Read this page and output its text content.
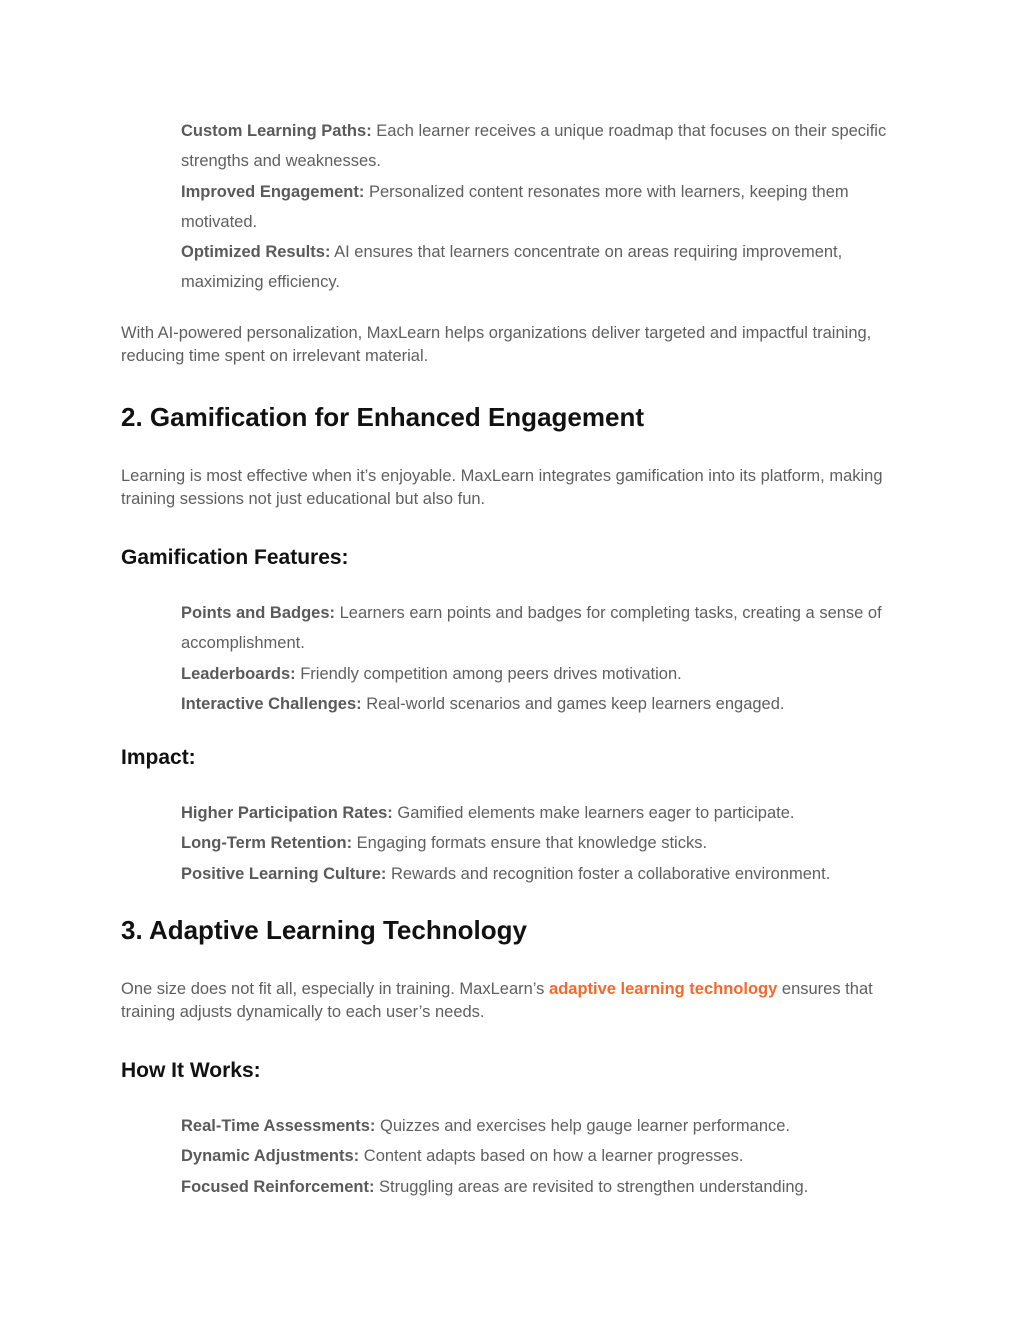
Custom Learning Paths: Each learner receives a unique roadmap that focuses on their specific strengths and weaknesses.
Improved Engagement: Personalized content resonates more with learners, keeping them motivated.
Optimized Results: AI ensures that learners concentrate on areas requiring improvement, maximizing efficiency.

With AI-powered personalization, MaxLearn helps organizations deliver targeted and impactful training, reducing time spent on irrelevant material.

2. Gamification for Enhanced Engagement

Learning is most effective when it’s enjoyable. MaxLearn integrates gamification into its platform, making training sessions not just educational but also fun.

Gamification Features:
Points and Badges: Learners earn points and badges for completing tasks, creating a sense of accomplishment.
Leaderboards: Friendly competition among peers drives motivation.
Interactive Challenges: Real-world scenarios and games keep learners engaged.
Impact:
Higher Participation Rates: Gamified elements make learners eager to participate.
Long-Term Retention: Engaging formats ensure that knowledge sticks.
Positive Learning Culture: Rewards and recognition foster a collaborative environment.
3. Adaptive Learning Technology

One size does not fit all, especially in training. MaxLearn’s adaptive learning technology ensures that training adjusts dynamically to each user’s needs.

How It Works:
Real-Time Assessments: Quizzes and exercises help gauge learner performance.
Dynamic Adjustments: Content adapts based on how a learner progresses.
Focused Reinforcement: Struggling areas are revisited to strengthen understanding.
